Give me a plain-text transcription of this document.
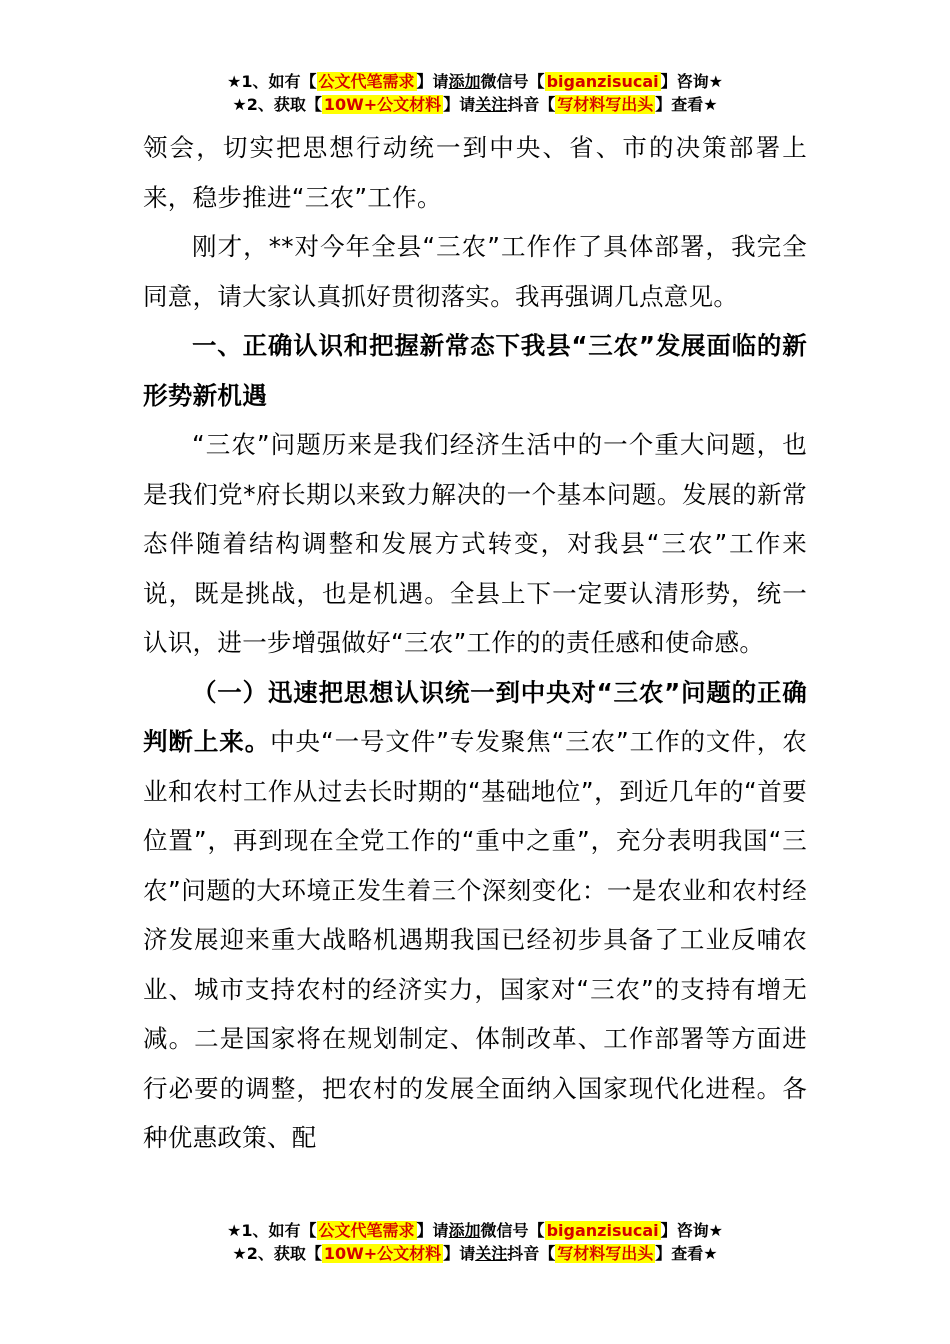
★1、如有【 公文代笔需求 】请添加微信号【 biganzisucai 】咨询★
★2、获取【 10W+公文材料 】请关注抖音【 写材料写出头 】查看★

领会，切实把思想行动统一到中央、省、市的决策部署上来，稳步推进“三农”工作。

刚才，**对今年全县“三农”工作作了具体部署，我完全同意，请大家认真抓好贯彻落实。我再强调几点意见。

一、正确认识和把握新常态下我县“三农”发展面临的新形势新机遇

“三农”问题历来是我们经济生活中的一个重大问题，也是我们党*府长期以来致力解决的一个基本问题。发展的新常态伴随着结构调整和发展方式转变，对我县“三农”工作来说，既是挑战，也是机遇。全县上下一定要认清形势，统一认识，进一步增强做好“三农”工作的的责任感和使命感。

（一）迅速把思想认识统一到中央对“三农”问题的正确判断上来。中央“一号文件”专发聚焦“三农”工作的文件，农业和农村工作从过去长时期的“基础地位”，到近几年的“首要位置”，再到现在全党工作的“重中之重”，充分表明我国“三农”问题的大环境正发生着三个深刻变化：一是农业和农村经济发展迎来重大战略机遇期我国已经初步具备了工业反哺农业、城市支持农村的经济实力，国家对“三农”的支持有增无减。二是国家将在规划制定、体制改革、工作部署等方面进行必要的调整，把农村的发展全面纳入国家现代化进程。各种优惠政策、配

★1、如有【 公文代笔需求 】请添加微信号【 biganzisucai 】咨询★
★2、获取【 10W+公文材料 】请关注抖音【 写材料写出头 】查看★
